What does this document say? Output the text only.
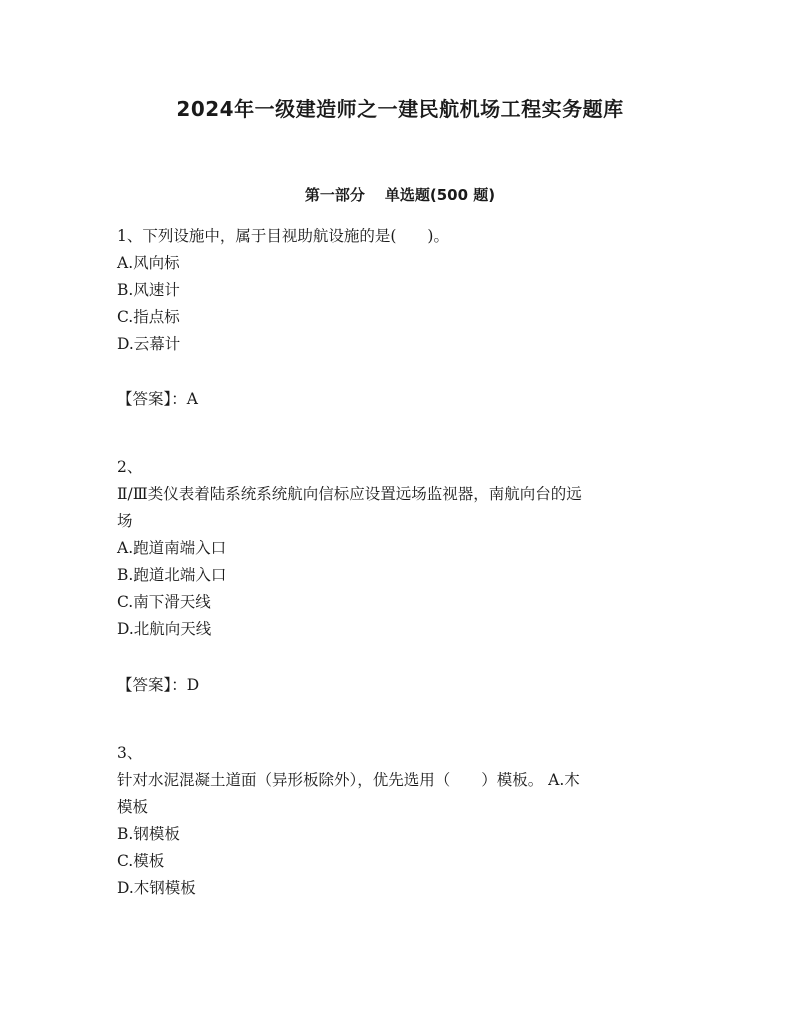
2024年一级建造师之一建民航机场工程实务题库
第一部分 单选题(500 题)
1、下列设施中，属于目视助航设施的是(　　)。
A.风向标
B.风速计
C.指点标
D.云幕计
【答案】：A
2、
Ⅱ/Ⅲ类仪表着陆系统系统航向信标应设置远场监视器，南航向台的远
场
A.跑道南端入口
B.跑道北端入口
C.南下滑天线
D.北航向天线
【答案】：D
3、
针对水泥混凝土道面（异形板除外），优先选用（　　）模板。 A.木
模板
B.钢模板
C.模板
D.木钢模板
